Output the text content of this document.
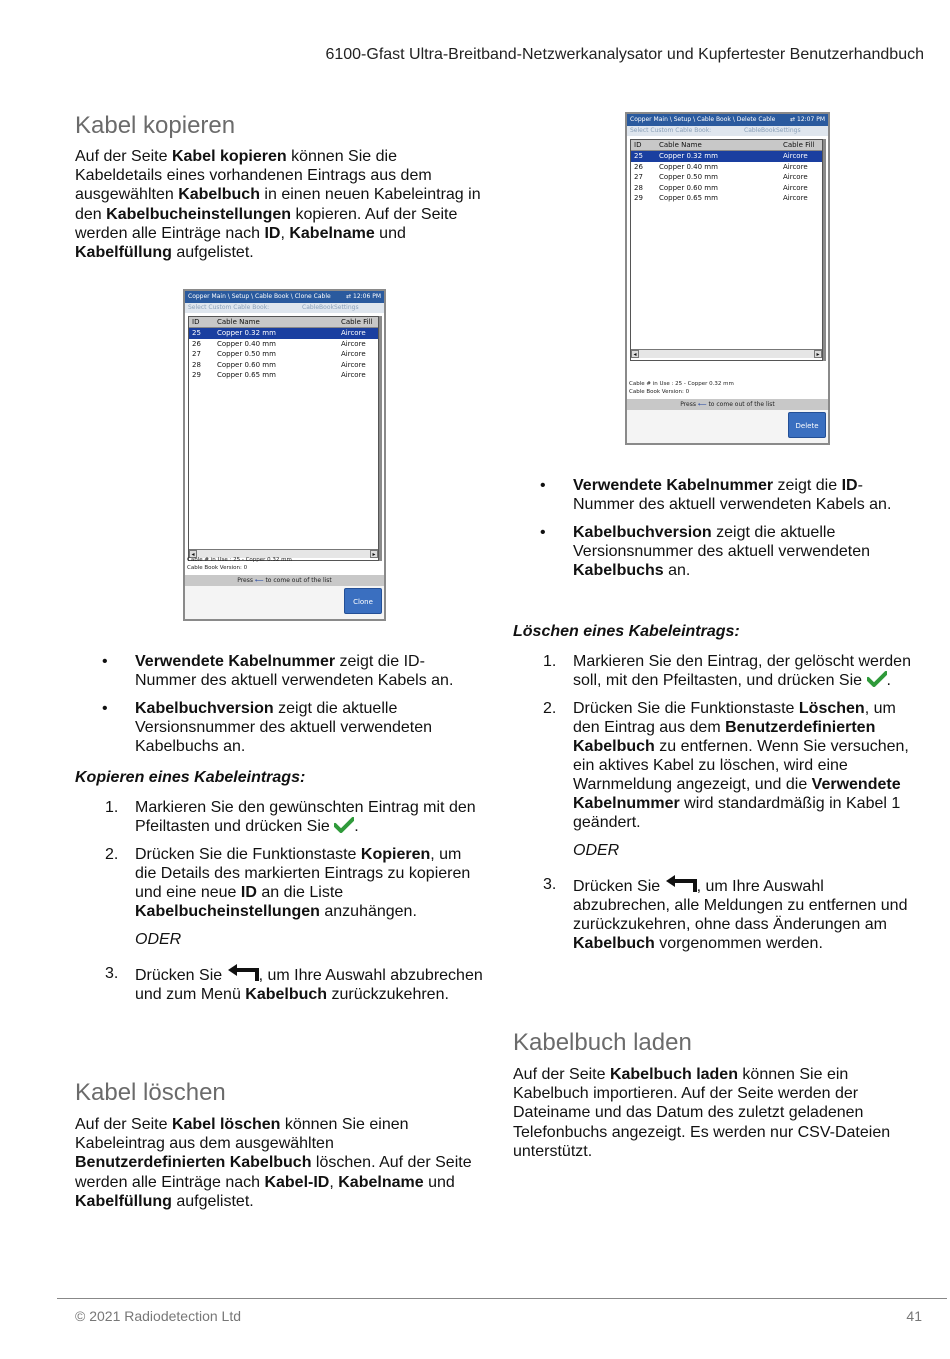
6100-Gfast Ultra-Breitband-Netzwerkanalysator und Kupfertester Benutzerhandbuch
Kabel kopieren

Auf der Seite Kabel kopieren können Sie die Kabeldetails eines vorhandenen Eintrags aus dem ausgewählten Kabelbuch in einen neuen Kabeleintrag in den Kabelbucheinstellungen kopieren. Auf der Seite werden alle Einträge nach ID, Kabelname und Kabelfüllung aufgelistet.

Copper Main \ Setup \ Cable Book \ Clone Cable	⇄ 12:06 PM
Select Custom Cable Book:	CableBookSettings
ID	Cable Name	Cable Fill
25 Copper 0.32 mm	Aircore
26 Copper 0.40 mm	Aircore
27 Copper 0.50 mm	Aircore
28 Copper 0.60 mm	Aircore
29 Copper 0.65 mm	Aircore
◂	▸
Cable # in Use : 25 - Copper 0.32 mm
Cable Book Version: 0
Press ⟵ to come out of the list
Clone
• Verwendete Kabelnummer zeigt die ID-Nummer des aktuell verwendeten Kabels an.
• Kabelbuchversion zeigt die aktuelle Versionsnummer des aktuell verwendeten Kabelbuchs an.
Kopieren eines Kabeleintrags:
1. Markieren Sie den gewünschten Eintrag mit den Pfeiltasten und drücken Sie .
2. Drücken Sie die Funktionstaste Kopieren, um die Details des markierten Eintrags zu kopieren und eine neue ID an die Liste Kabelbucheinstellungen anzuhängen.
ODER
3. Drücken Sie , um Ihre Auswahl abzubrechen und zum Menü Kabelbuch zurückzukehren.
Kabel löschen

Auf der Seite Kabel löschen können Sie einen Kabeleintrag aus dem ausgewählten Benutzerdefinierten Kabelbuch löschen. Auf der Seite werden alle Einträge nach Kabel-ID, Kabelname und Kabelfüllung aufgelistet.

Copper Main \ Setup \ Cable Book \ Delete Cable ⇄ 12:07 PM
Select Custom Cable Book:	CableBookSettings
ID	Cable Name	Cable Fill
25 Copper 0.32 mm	Aircore
26 Copper 0.40 mm	Aircore
27 Copper 0.50 mm	Aircore
28 Copper 0.60 mm	Aircore
29 Copper 0.65 mm	Aircore
◂	▸
Cable # in Use : 25 - Copper 0.32 mm
Cable Book Version: 0
Press ⟵ to come out of the list
Delete
• Verwendete Kabelnummer zeigt die ID-Nummer des aktuell verwendeten Kabels an.
• Kabelbuchversion zeigt die aktuelle Versionsnummer des aktuell verwendeten Kabelbuchs an.
Löschen eines Kabeleintrags:
1. Markieren Sie den Eintrag, der gelöscht werden soll, mit den Pfeiltasten, und drücken Sie .
2. Drücken Sie die Funktionstaste Löschen, um den Eintrag aus dem Benutzerdefinierten Kabelbuch zu entfernen. Wenn Sie versuchen, ein aktives Kabel zu löschen, wird eine Warnmeldung angezeigt, und die Verwendete Kabelnummer wird standardmäßig in Kabel 1 geändert.
ODER
3. Drücken Sie , um Ihre Auswahl abzubrechen, alle Meldungen zu entfernen und zurückzukehren, ohne dass Änderungen am Kabelbuch vorgenommen werden.
Kabelbuch laden

Auf der Seite Kabelbuch laden können Sie ein Kabelbuch importieren. Auf der Seite werden der Dateiname und das Datum des zuletzt geladenen Telefonbuchs angezeigt. Es werden nur CSV-Dateien unterstützt.

© 2021 Radiodetection Ltd	41
